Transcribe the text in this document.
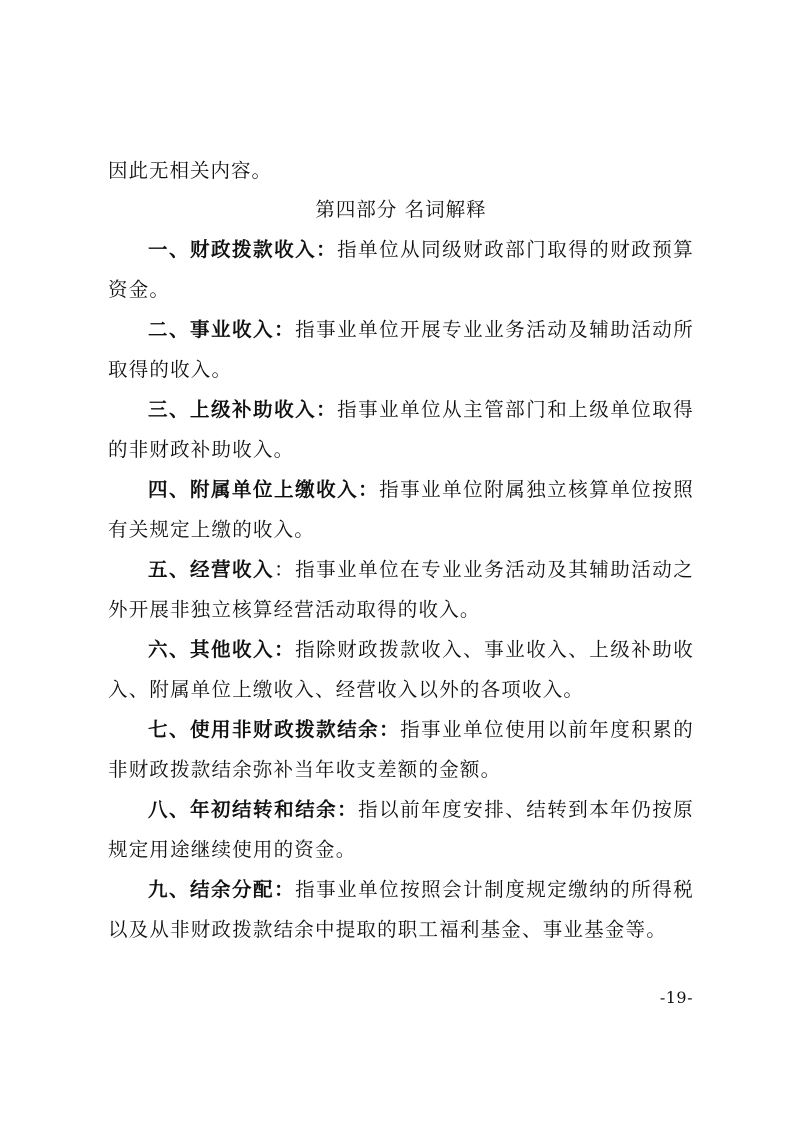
因此无相关内容。
第四部分 名词解释

一、财政拨款收入：指单位从同级财政部门取得的财政预算资金。

二、事业收入：指事业单位开展专业业务活动及辅助活动所取得的收入。

三、上级补助收入：指事业单位从主管部门和上级单位取得的非财政补助收入。

四、附属单位上缴收入：指事业单位附属独立核算单位按照有关规定上缴的收入。

五、经营收入：指事业单位在专业业务活动及其辅助活动之外开展非独立核算经营活动取得的收入。

六、其他收入：指除财政拨款收入、事业收入、上级补助收入、附属单位上缴收入、经营收入以外的各项收入。

七、使用非财政拨款结余：指事业单位使用以前年度积累的非财政拨款结余弥补当年收支差额的金额。

八、年初结转和结余：指以前年度安排、结转到本年仍按原规定用途继续使用的资金。

九、结余分配：指事业单位按照会计制度规定缴纳的所得税以及从非财政拨款结余中提取的职工福利基金、事业基金等。

-19-
